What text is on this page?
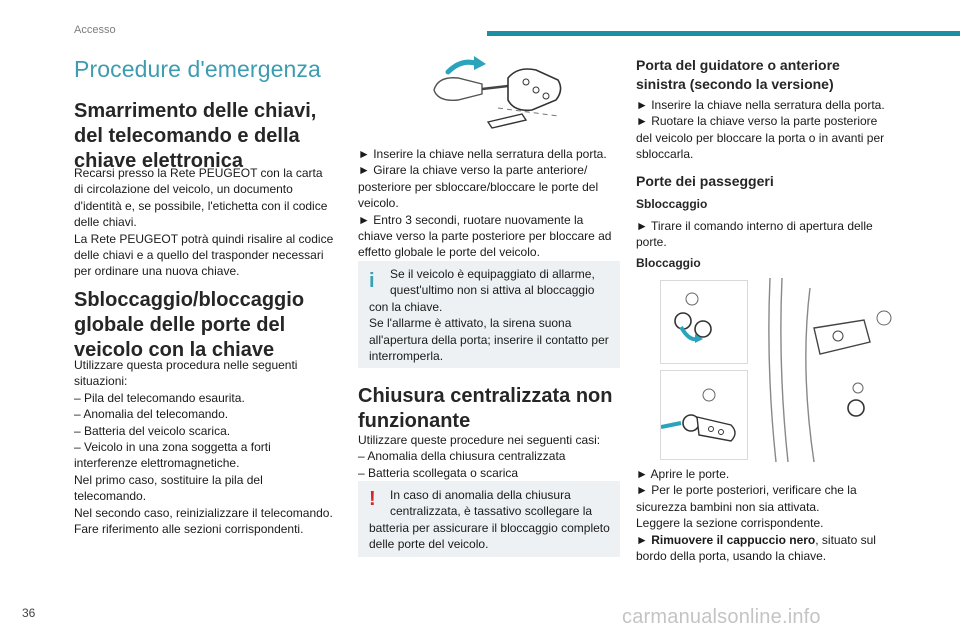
Accesso
Procedure d'emergenza
Smarrimento delle chiavi,
del telecomando e della
chiave elettronica
Recarsi presso la Rete PEUGEOT con la carta
di circolazione del veicolo, un documento
d'identità e, se possibile, l'etichetta con il codice
delle chiavi.
La Rete PEUGEOT potrà quindi risalire al codice
delle chiavi e a quello del trasponder necessari
per ordinare una nuova chiave.
Sbloccaggio/bloccaggio
globale delle porte del
veicolo con la chiave
Utilizzare questa procedura nelle seguenti
situazioni:
– Pila del telecomando esaurita.
– Anomalia del telecomando.
– Batteria del veicolo scarica.
– Veicolo in una zona soggetta a forti
interferenze elettromagnetiche.
Nel primo caso, sostituire la pila del
telecomando.
Nel secondo caso, reinizializzare il telecomando.
Fare riferimento alle sezioni corrispondenti.
36
► Inserire la chiave nella serratura della porta.
► Girare la chiave verso la parte anteriore/
posteriore per sbloccare/bloccare le porte del
veicolo.
► Entro 3 secondi, ruotare nuovamente la
chiave verso la parte posteriore per bloccare ad
effetto globale le porte del veicolo.
i	Se il veicolo è equipaggiato di allarme,
quest'ultimo non si attiva al bloccaggio
con la chiave.
Se l'allarme è attivato, la sirena suona
all'apertura della porta; inserire il contatto per
interromperla.
Chiusura centralizzata non
funzionante
Utilizzare queste procedure nei seguenti casi:
– Anomalia della chiusura centralizzata
– Batteria scollegata o scarica
!	In caso di anomalia della chiusura
centralizzata, è tassativo scollegare la
batteria per assicurare il bloccaggio completo
delle porte del veicolo.
Porta del guidatore o anteriore
sinistra (secondo la versione)
► Inserire la chiave nella serratura della porta.
► Ruotare la chiave verso la parte posteriore
del veicolo per bloccare la porta o in avanti per
sbloccarla.
Porte dei passeggeri
Sbloccaggio
► Tirare il comando interno di apertura delle
porte.
Bloccaggio
► Aprire le porte.
► Per le porte posteriori, verificare che la
sicurezza bambini non sia attivata.
Leggere la sezione corrispondente.
► Rimuovere il cappuccio nero, situato sul
bordo della porta, usando la chiave.
carmanualsonline.info
